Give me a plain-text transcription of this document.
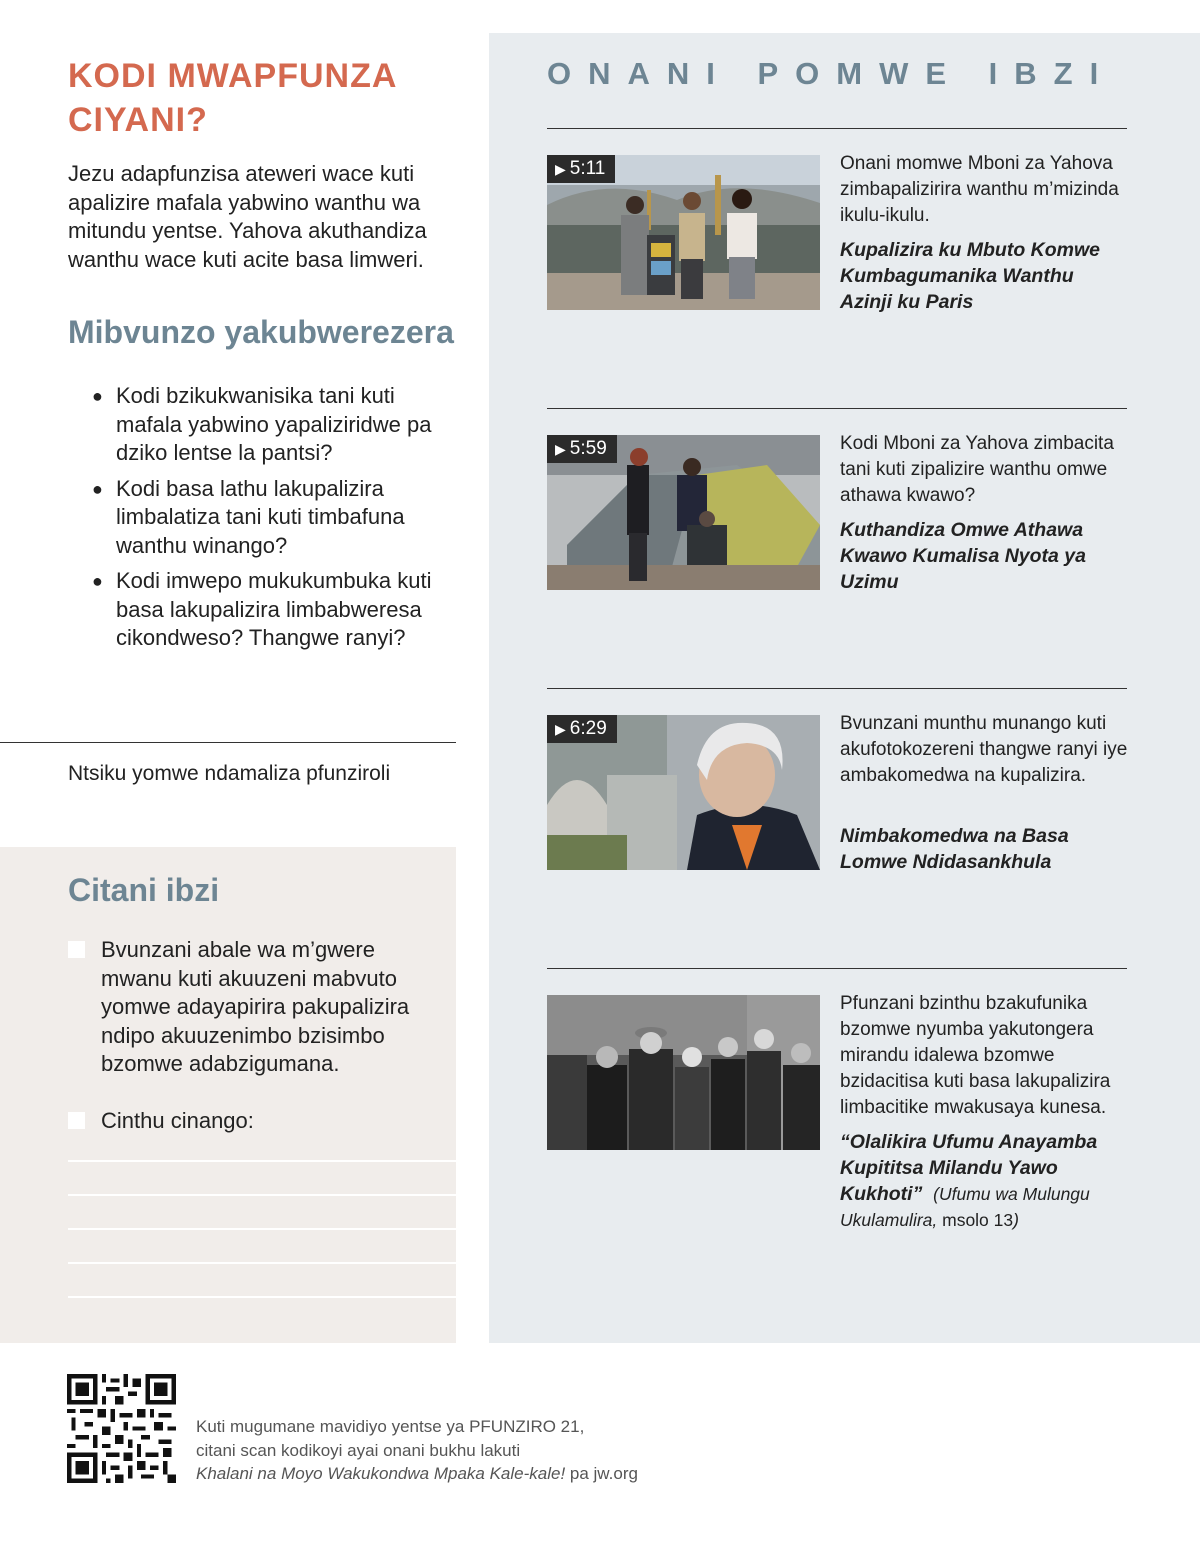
KODI MWAPFUNZA CIYANI?

Jezu adapfunzisa ateweri wace kuti apalizire mafala yabwino wanthu wa mitundu yentse. Yahova akuthandiza wanthu wace kuti acite basa limweri.

Mibvunzo yakubwerezera
● Kodi bzikukwanisika tani kuti mafala yabwino yapaliziridwe pa dziko lentse la pantsi?
● Kodi basa lathu lakupalizira limbalatiza tani kuti timbafuna wanthu winango?
● Kodi imwepo mukukumbuka kuti basa lakupalizira limbabweresa cikondweso? Thangwe ranyi?
Ntsiku yomwe ndamaliza pfunziroli
Citani ibzi
Bvunzani abale wa m’gwere mwanu kuti akuuzeni mabvuto yomwe adayapirira pakupalizira ndipo akuuzenimbo bzisimbo bzomwe adabzigumana.
Cinthu cinango:
ONANI POMWE IBZI
▶ 5:11	Onani momwe Mboni za Yahova zimbapalizirira wanthu m’mizinda ikulu-ikulu.

Kupalizira ku Mbuto Komwe Kumbagumanika Wanthu Azinji ku Paris

▶ 5:59	Kodi Mboni za Yahova zimbacita tani kuti zipalizire wanthu omwe athawa kwawo?

Kuthandiza Omwe Athawa Kwawo Kumalisa Nyota ya Uzimu

▶ 6:29	Bvunzani munthu munango kuti akufotokozereni thangwe ranyi iye ambakomedwa na kupalizira.

Nimbakomedwa na Basa Lomwe Ndidasankhula

Pfunzani bzinthu bzakufunika bzomwe nyumba yakutongera mirandu idalewa bzomwe bzidacitisa kuti basa lakupalizira limbacitike mwakusaya kunesa.

“Olalikira Ufumu Anayamba Kupititsa Milandu Yawo Kukhoti” (Ufumu wa Mulungu Ukulamulira, msolo 13)

Kuti mugumane mavidiyo yentse ya PFUNZIRO 21,
citani scan kodikoyi ayai onani bukhu lakuti
Khalani na Moyo Wakukondwa Mpaka Kale-kale! pa jw.org
